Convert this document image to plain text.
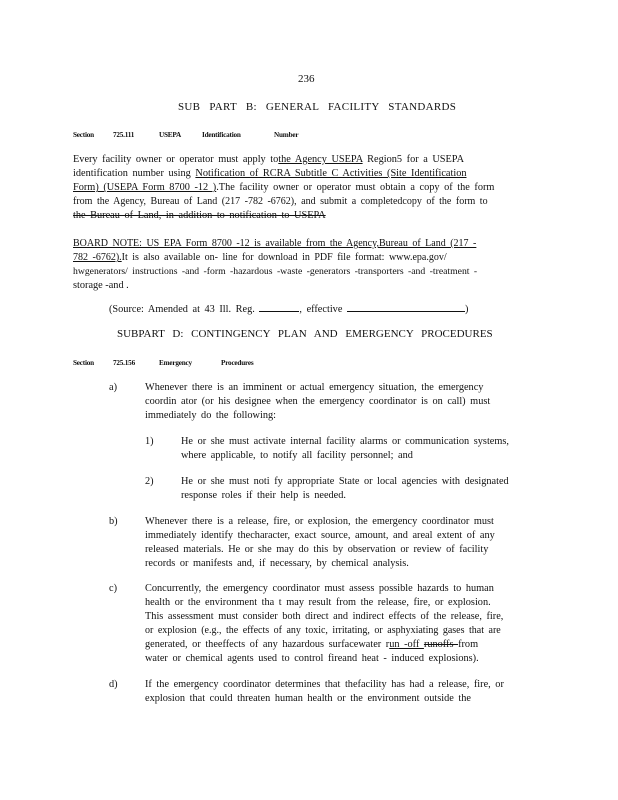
236
SUB PART B: GENERAL FACILITY STANDARDS
Section	725.111	USEPA	Identification	Number
Every facility owner or operator must apply tothe Agency USEPA Region5 for a USEPA
identification number using Notification of RCRA Subtitle C Activities (Site Identification
Form) (USEPA Form 8700 -12 ).The facility owner or operator must obtain a copy of the form
from the Agency, Bureau of Land (217 -782 -6762), and submit a completedcopy of the form to
the Bureau of Land, in addition to notification to USEPA
BOARD NOTE: US EPA Form 8700 -12 is available from the Agency,Bureau of Land (217 -
782 -6762).It is also available on- line for download in PDF file format: www.epa.gov/
hwgenerators/ instructions -and -form -hazardous -waste -generators -transporters -and -treatment -
storage -and .
(Source: Amended at 43 Ill. Reg.	, effective	)
SUBPART D: CONTINGENCY PLAN AND EMERGENCY PROCEDURES
Section	725.156	Emergency	Procedures
a)	Whenever there is an imminent or actual emergency situation, the emergency
coordin ator (or his designee when the emergency coordinator is on call) must
immediately do the following:
1)	He or she must activate internal facility alarms or communication systems,
where applicable, to notify all facility personnel; and
2)	He or she must noti fy appropriate State or local agencies with designated
response roles if their help is needed.
b)	Whenever there is a release, fire, or explosion, the emergency coordinator must
immediately identify thecharacter, exact source, amount, and areal extent of any
released materials. He or she may do this by observation or review of facility
records or manifests and, if necessary, by chemical analysis.
c)	Concurrently, the emergency coordinator must assess possible hazards to human
health or the environment tha t may result from the release, fire, or explosion.
This assessment must consider both direct and indirect effects of the release, fire,
or explosion (e.g., the effects of any toxic, irritating, or asphyxiating gases that are
generated, or theeffects of any hazardous surfacewater run -off runoffs from
water or chemical agents used to control fireand heat - induced explosions).
d)	If the emergency coordinator determines that thefacility has had a release, fire, or
explosion that could threaten human health or the environment outside the
